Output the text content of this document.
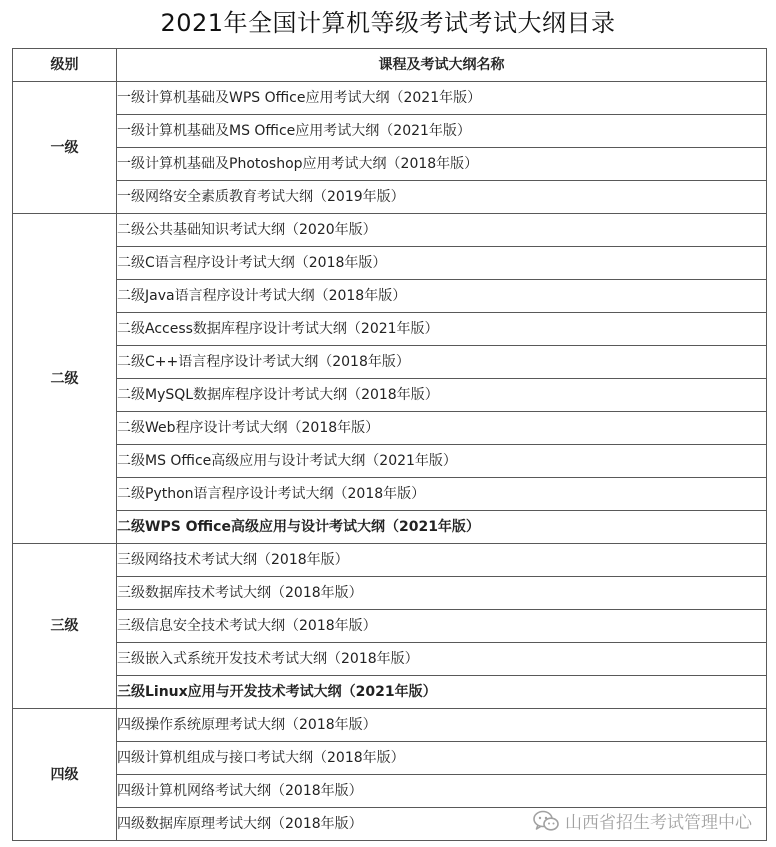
2021年全国计算机等级考试考试大纲目录
级别	课程及考试大纲名称
一级	一级计算机基础及WPS Office应用考试大纲（2021年版）
	一级计算机基础及MS Office应用考试大纲（2021年版）
	一级计算机基础及Photoshop应用考试大纲（2018年版）
	一级网络安全素质教育考试大纲（2019年版）
二级	二级公共基础知识考试大纲（2020年版）
	二级C语言程序设计考试大纲（2018年版）
	二级Java语言程序设计考试大纲（2018年版）
	二级Access数据库程序设计考试大纲（2021年版）
	二级C++语言程序设计考试大纲（2018年版）
	二级MySQL数据库程序设计考试大纲（2018年版）
	二级Web程序设计考试大纲（2018年版）
	二级MS Office高级应用与设计考试大纲（2021年版）
	二级Python语言程序设计考试大纲（2018年版）
	二级WPS Office高级应用与设计考试大纲（2021年版）
三级	三级网络技术考试大纲（2018年版）
	三级数据库技术考试大纲（2018年版）
	三级信息安全技术考试大纲（2018年版）
	三级嵌入式系统开发技术考试大纲（2018年版）
	三级Linux应用与开发技术考试大纲（2021年版）
四级	四级操作系统原理考试大纲（2018年版）
	四级计算机组成与接口考试大纲（2018年版）
	四级计算机网络考试大纲（2018年版）
	四级数据库原理考试大纲（2018年版）	山西省招生考试管理中心
